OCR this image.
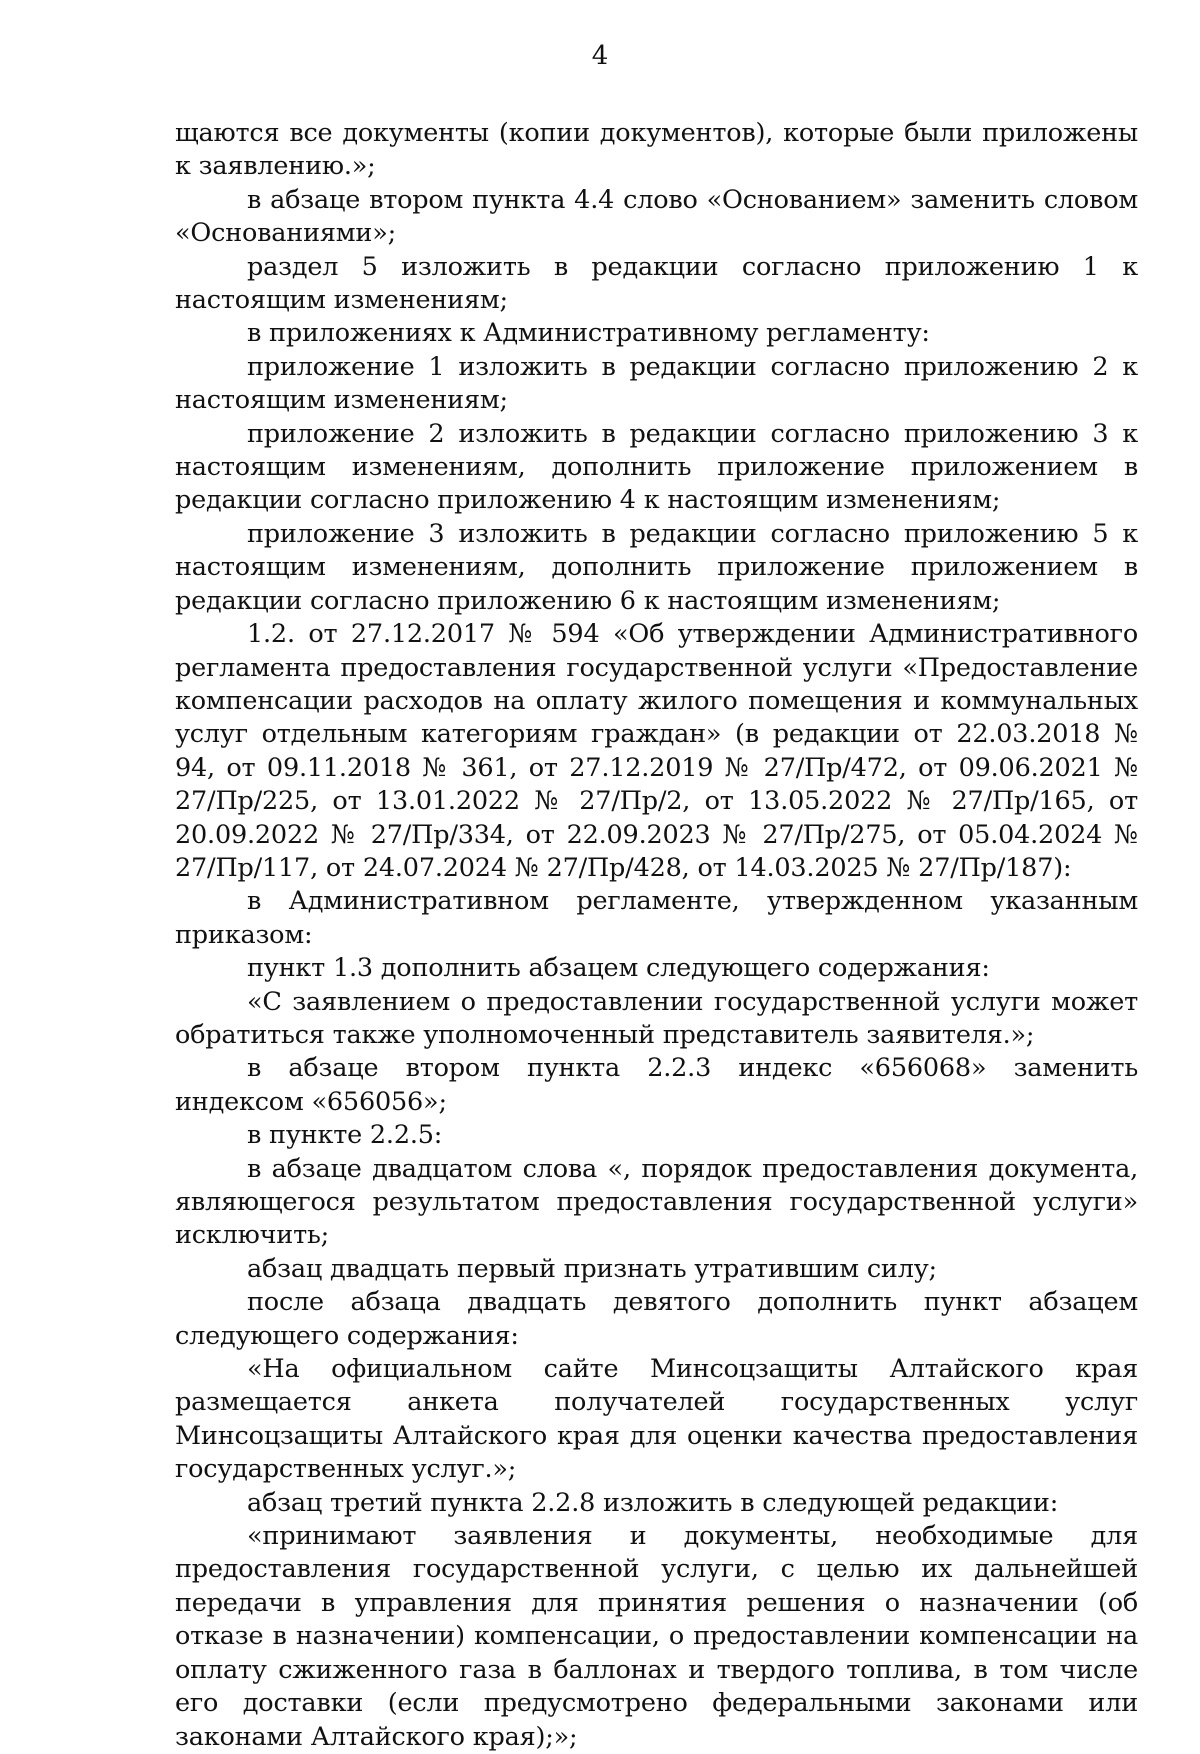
4

щаются все документы (копии документов), которые были приложены к заявлению.»;

в абзаце втором пункта 4.4 слово «Основанием» заменить словом «Основаниями»;

раздел 5 изложить в редакции согласно приложению 1 к настоящим изменениям;

в приложениях к Административному регламенту:

приложение 1 изложить в редакции согласно приложению 2 к настоящим изменениям;

приложение 2 изложить в редакции согласно приложению 3 к настоящим изменениям, дополнить приложение приложением в редакции согласно приложению 4 к настоящим изменениям;

приложение 3 изложить в редакции согласно приложению 5 к настоящим изменениям, дополнить приложение приложением в редакции согласно приложению 6 к настоящим изменениям;

1.2. от 27.12.2017 № 594 «Об утверждении Административного регламента предоставления государственной услуги «Предоставление компенсации расходов на оплату жилого помещения и коммунальных услуг отдельным категориям граждан» (в редакции от 22.03.2018 № 94, от 09.11.2018 № 361, от 27.12.2019 № 27/Пр/472, от 09.06.2021 № 27/Пр/225, от 13.01.2022 № 27/Пр/2, от 13.05.2022 № 27/Пр/165, от 20.09.2022 № 27/Пр/334, от 22.09.2023 № 27/Пр/275, от 05.04.2024 № 27/Пр/117, от 24.07.2024 № 27/Пр/428, от 14.03.2025 № 27/Пр/187):

в Административном регламенте, утвержденном указанным приказом:

пункт 1.3 дополнить абзацем следующего содержания:

«С заявлением о предоставлении государственной услуги может обратиться также уполномоченный представитель заявителя.»;

в абзаце втором пункта 2.2.3 индекс «656068» заменить индексом «656056»;

в пункте 2.2.5:

в абзаце двадцатом слова «, порядок предоставления документа, являющегося результатом предоставления государственной услуги» исключить;

абзац двадцать первый признать утратившим силу;

после абзаца двадцать девятого дополнить пункт абзацем следующего содержания:

«На официальном сайте Минсоцзащиты Алтайского края размещается анкета получателей государственных услуг Минсоцзащиты Алтайского края для оценки качества предоставления государственных услуг.»;

абзац третий пункта 2.2.8 изложить в следующей редакции:

«принимают заявления и документы, необходимые для предоставления государственной услуги, с целью их дальнейшей передачи в управления для принятия решения о назначении (об отказе в назначении) компенсации, о предоставлении компенсации на оплату сжиженного газа в баллонах и твердого топлива, в том числе его доставки (если предусмотрено федеральными законами или законами Алтайского края);»;
